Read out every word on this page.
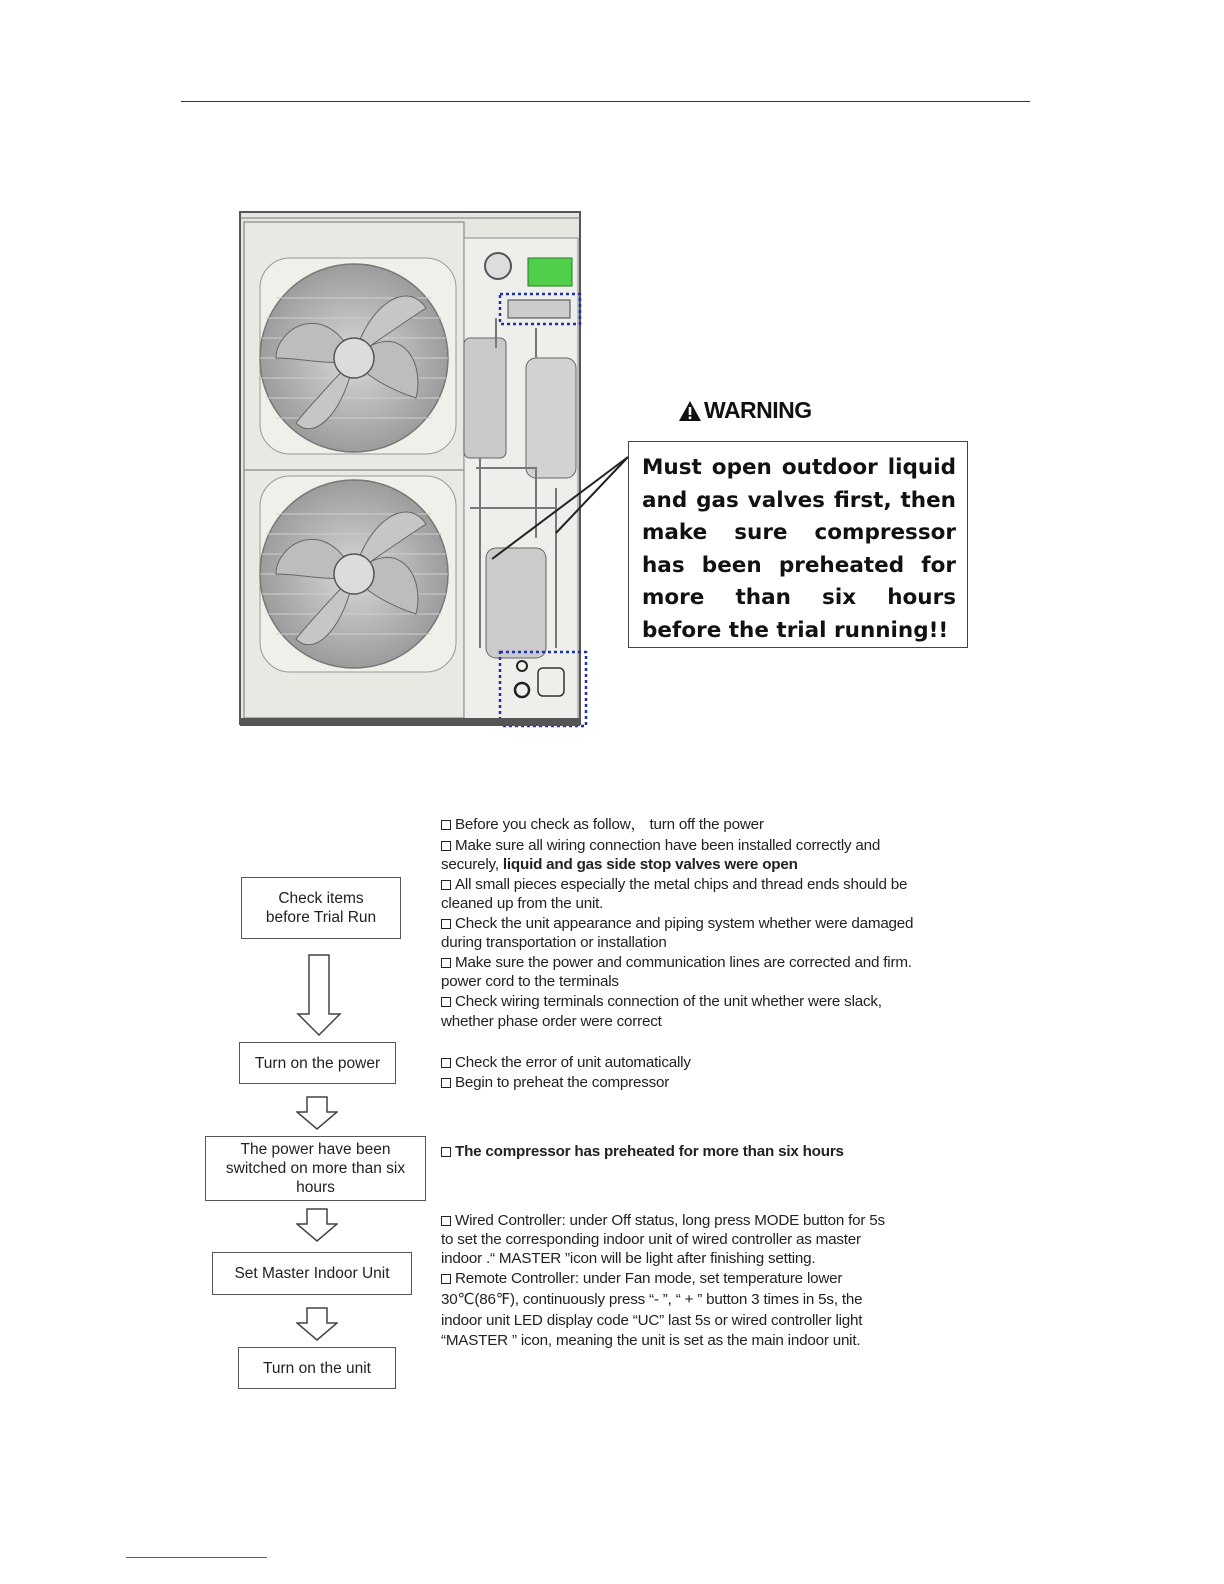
WARNING
Must open outdoor liquid and gas valves first, then make sure compressor has been preheated for more than six hours before the trial running!!
Check items
before Trial Run
Turn on the power
The power have been
switched on more than six
hours
Set Master Indoor Unit
Turn on the unit
Before you check as follow， turn off the power
Make sure all wiring connection have been installed correctly and
securely, liquid and gas side stop valves were open
All small pieces especially the metal chips and thread ends should be
cleaned up from the unit.
Check the unit appearance and piping system whether were damaged
during transportation or installation
Make sure the power and communication lines are corrected and firm.
power cord to the terminals
Check wiring terminals connection of the unit whether were slack,
whether phase order were correct
Check the error of unit automatically
Begin to preheat the compressor
The compressor has preheated for more than six hours
Wired Controller: under Off status, long press MODE button for 5s
to set the corresponding indoor unit of wired controller as master
indoor .“ MASTER ”icon will be light after finishing setting.
Remote Controller: under Fan mode, set temperature lower
30℃(86℉), continuously press “- ”, “ + ” button 3 times in 5s, the
indoor unit LED display code “UC” last 5s or wired controller light
“MASTER ” icon, meaning the unit is set as the main indoor unit.
